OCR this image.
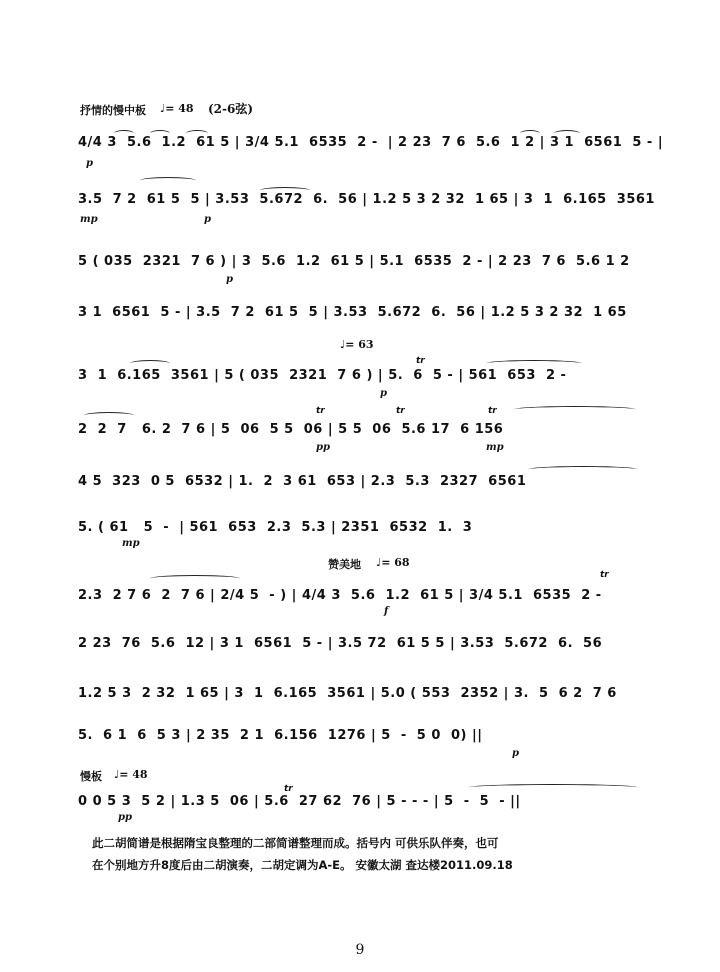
抒情的慢中板 ♩= 48 (2-6弦)
4/4 3  5.6  1.2  61 5 | 3/4 5.1  6535  2 -  | 2 23  7 6  5.6  1 2 | 3 1  6561  5 - |
p
3.5  7 2  61 5  5 | 3.53  5.672  6.  56 | 1.2 5 3 2 32  1 65 | 3  1  6.165  3561
mp	p
5 ( 035  2321  7 6 ) | 3  5.6  1.2  61 5 | 5.1  6535  2 - | 2 23  7 6  5.6 1 2
p
3 1  6561  5 - | 3.5  7 2  61 5  5 | 3.53  5.672  6.  56 | 1.2 5 3 2 32  1 65
♩= 63
tr
3  1  6.165  3561 | 5 ( 035  2321  7 6 ) | 5.  6  5 - | 561  653  2 -
p
tr	tr	tr
2  2  7   6. 2  7 6 | 5  06  5 5  06 | 5 5  06  5.6 17  6 156
pp	mp
4 5  323  0 5  6532 | 1.  2  3 61  653 | 2.3  5.3  2327  6561
5. ( 61   5  -  | 561  653  2.3  5.3 | 2351  6532  1.  3
mp
赞美地 ♩= 68
tr
2.3  2 7 6  2  7 6 | 2/4 5  - ) | 4/4 3  5.6  1.2  61 5 | 3/4 5.1  6535  2 -
f
2 23  76  5.6  12 | 3 1  6561  5 - | 3.5 72  61 5 5 | 3.53  5.672  6.  56
1.2 5 3  2 32  1 65 | 3  1  6.165  3561 | 5.0 ( 553  2352 | 3.  5  6 2  7 6
5.  6 1  6  5 3 | 2 35  2 1  6.156  1276 | 5  -  5 0  0) ||
p
慢板 ♩= 48
tr
0 0 5 3  5 2 | 1.3 5  06 | 5.6  27 62  76 | 5 - - - | 5  -  5  - ||
pp
此二胡简谱是根据隋宝良整理的二部简谱整理而成。括号内 可供乐队伴奏，也可
在个别地方升8度后由二胡演奏，二胡定调为A-E。 安徽太湖 查达楼2011.09.18
9
